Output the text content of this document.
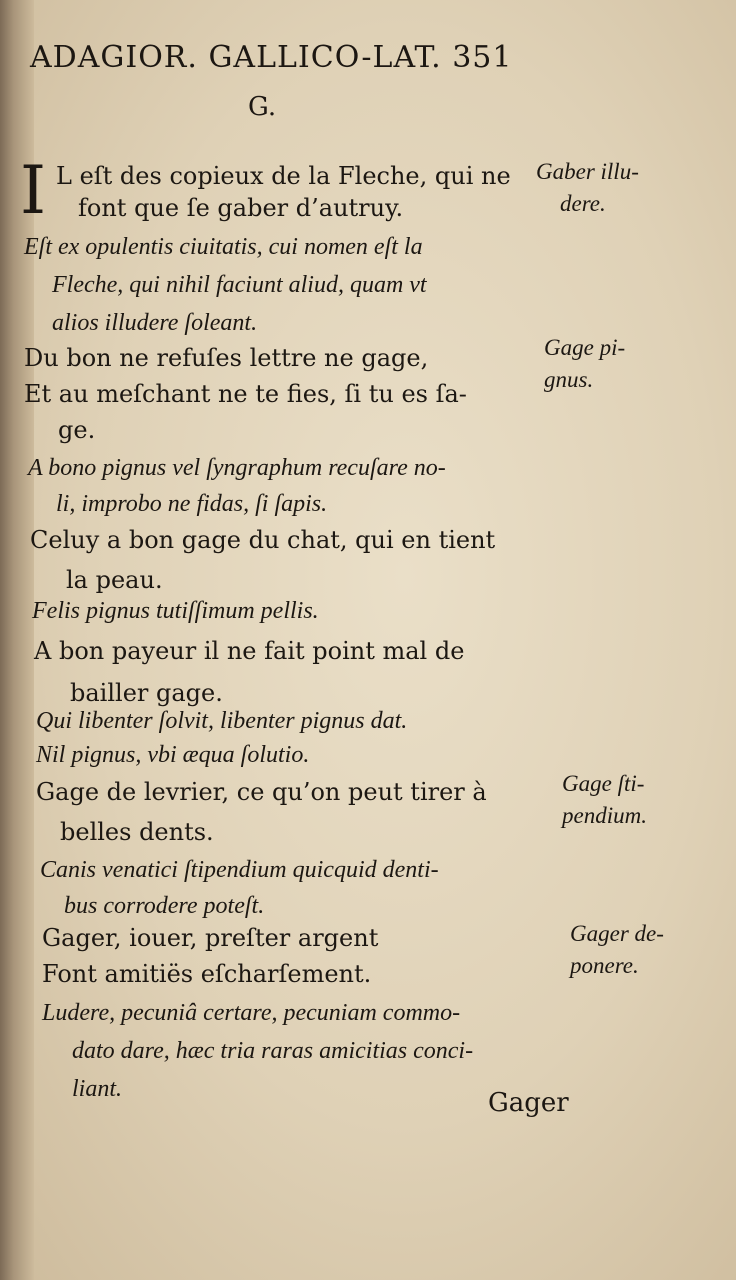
ADAGIOR. GALLICO-LAT. 351
G.
I L eſt des copieux de la Fleche, qui ne
font que ſe gaber d’autruy.
Eſt ex opulentis ciuitatis, cui nomen eſt la
Fleche, qui nihil faciunt aliud, quam vt
alios illudere ſoleant.
Gaber illu-
dere.
Du bon ne refuſes lettre ne gage,
Et au meſchant ne te fies, ſi tu es ſa-
ge.
A bono pignus vel ſyngraphum recuſare no-
li, improbo ne fidas, ſi ſapis.
Gage pi-
gnus.
Celuy a bon gage du chat, qui en tient
la peau.
Felis pignus tutiſſimum pellis.
A bon payeur il ne fait point mal de
bailler gage.
Qui libenter ſolvit, libenter pignus dat.
Nil pignus, vbi æqua ſolutio.
Gage de levrier, ce qu’on peut tirer à
belles dents.
Canis venatici ſtipendium quicquid denti-
bus corrodere poteſt.
Gage ſti-
pendium.
Gager, iouer, preſter argent
Font amitiës eſcharſement.
Ludere, pecuniâ certare, pecuniam commo-
dato dare, hæc tria raras amicitias conci-
liant.
Gager de-
ponere.
Gager
